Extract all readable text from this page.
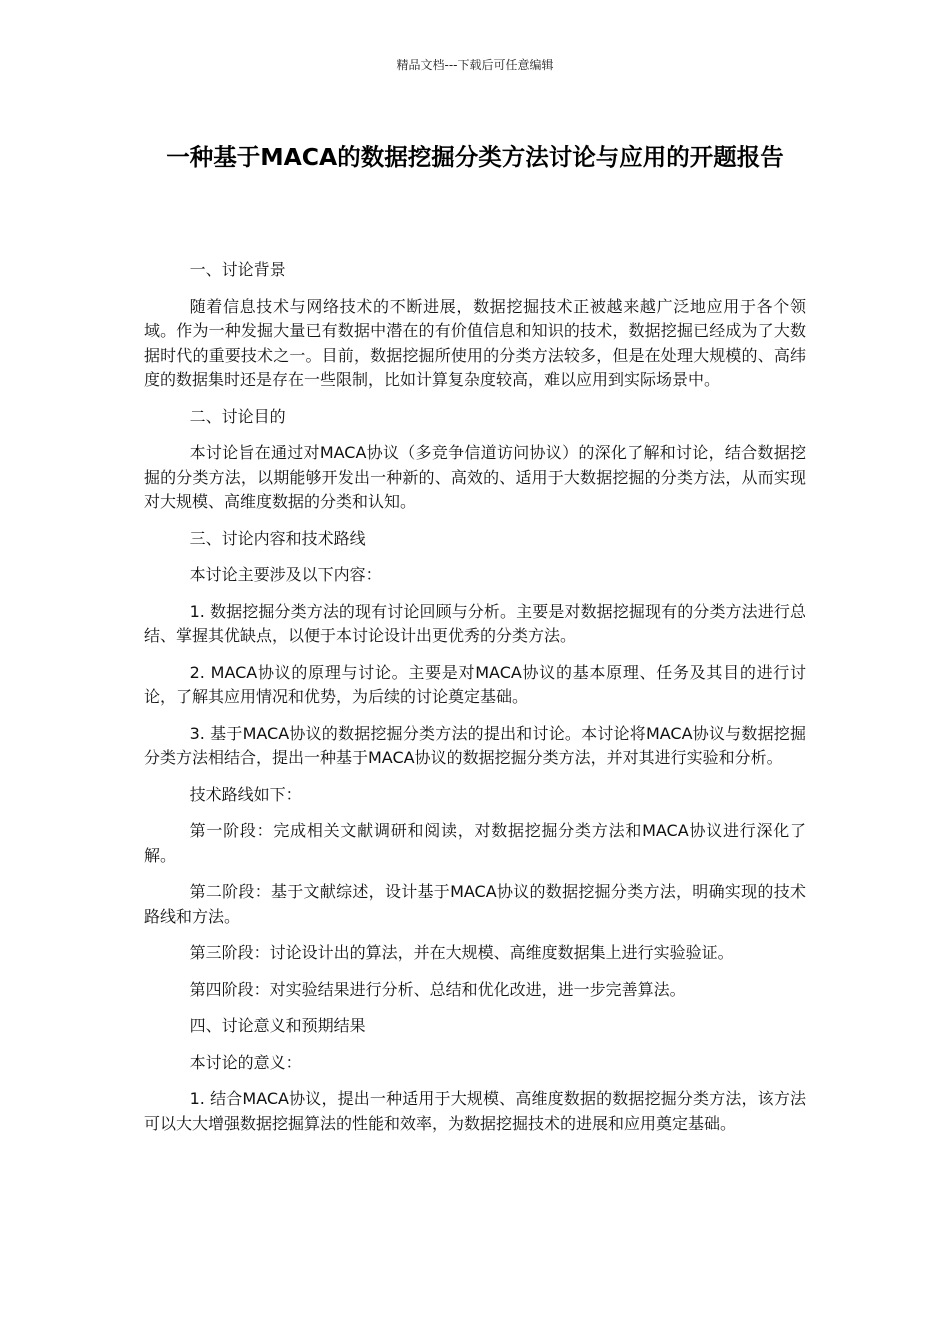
精品文档---下载后可任意编辑
一种基于MACA的数据挖掘分类方法讨论与应用的开题报告

一、讨论背景

随着信息技术与网络技术的不断进展，数据挖掘技术正被越来越广泛地应用于各个领域。作为一种发掘大量已有数据中潜在的有价值信息和知识的技术，数据挖掘已经成为了大数据时代的重要技术之一。目前，数据挖掘所使用的分类方法较多，但是在处理大规模的、高纬度的数据集时还是存在一些限制，比如计算复杂度较高，难以应用到实际场景中。

二、讨论目的

本讨论旨在通过对MACA协议（多竞争信道访问协议）的深化了解和讨论，结合数据挖掘的分类方法，以期能够开发出一种新的、高效的、适用于大数据挖掘的分类方法，从而实现对大规模、高维度数据的分类和认知。

三、讨论内容和技术路线

本讨论主要涉及以下内容：

1. 数据挖掘分类方法的现有讨论回顾与分析。主要是对数据挖掘现有的分类方法进行总结、掌握其优缺点，以便于本讨论设计出更优秀的分类方法。

2. MACA协议的原理与讨论。主要是对MACA协议的基本原理、任务及其目的进行讨论，了解其应用情况和优势，为后续的讨论奠定基础。

3. 基于MACA协议的数据挖掘分类方法的提出和讨论。本讨论将MACA协议与数据挖掘分类方法相结合，提出一种基于MACA协议的数据挖掘分类方法，并对其进行实验和分析。

技术路线如下：

第一阶段：完成相关文献调研和阅读，对数据挖掘分类方法和MACA协议进行深化了解。

第二阶段：基于文献综述，设计基于MACA协议的数据挖掘分类方法，明确实现的技术路线和方法。

第三阶段：讨论设计出的算法，并在大规模、高维度数据集上进行实验验证。

第四阶段：对实验结果进行分析、总结和优化改进，进一步完善算法。

四、讨论意义和预期结果

本讨论的意义：

1. 结合MACA协议，提出一种适用于大规模、高维度数据的数据挖掘分类方法，该方法可以大大增强数据挖掘算法的性能和效率，为数据挖掘技术的进展和应用奠定基础。
